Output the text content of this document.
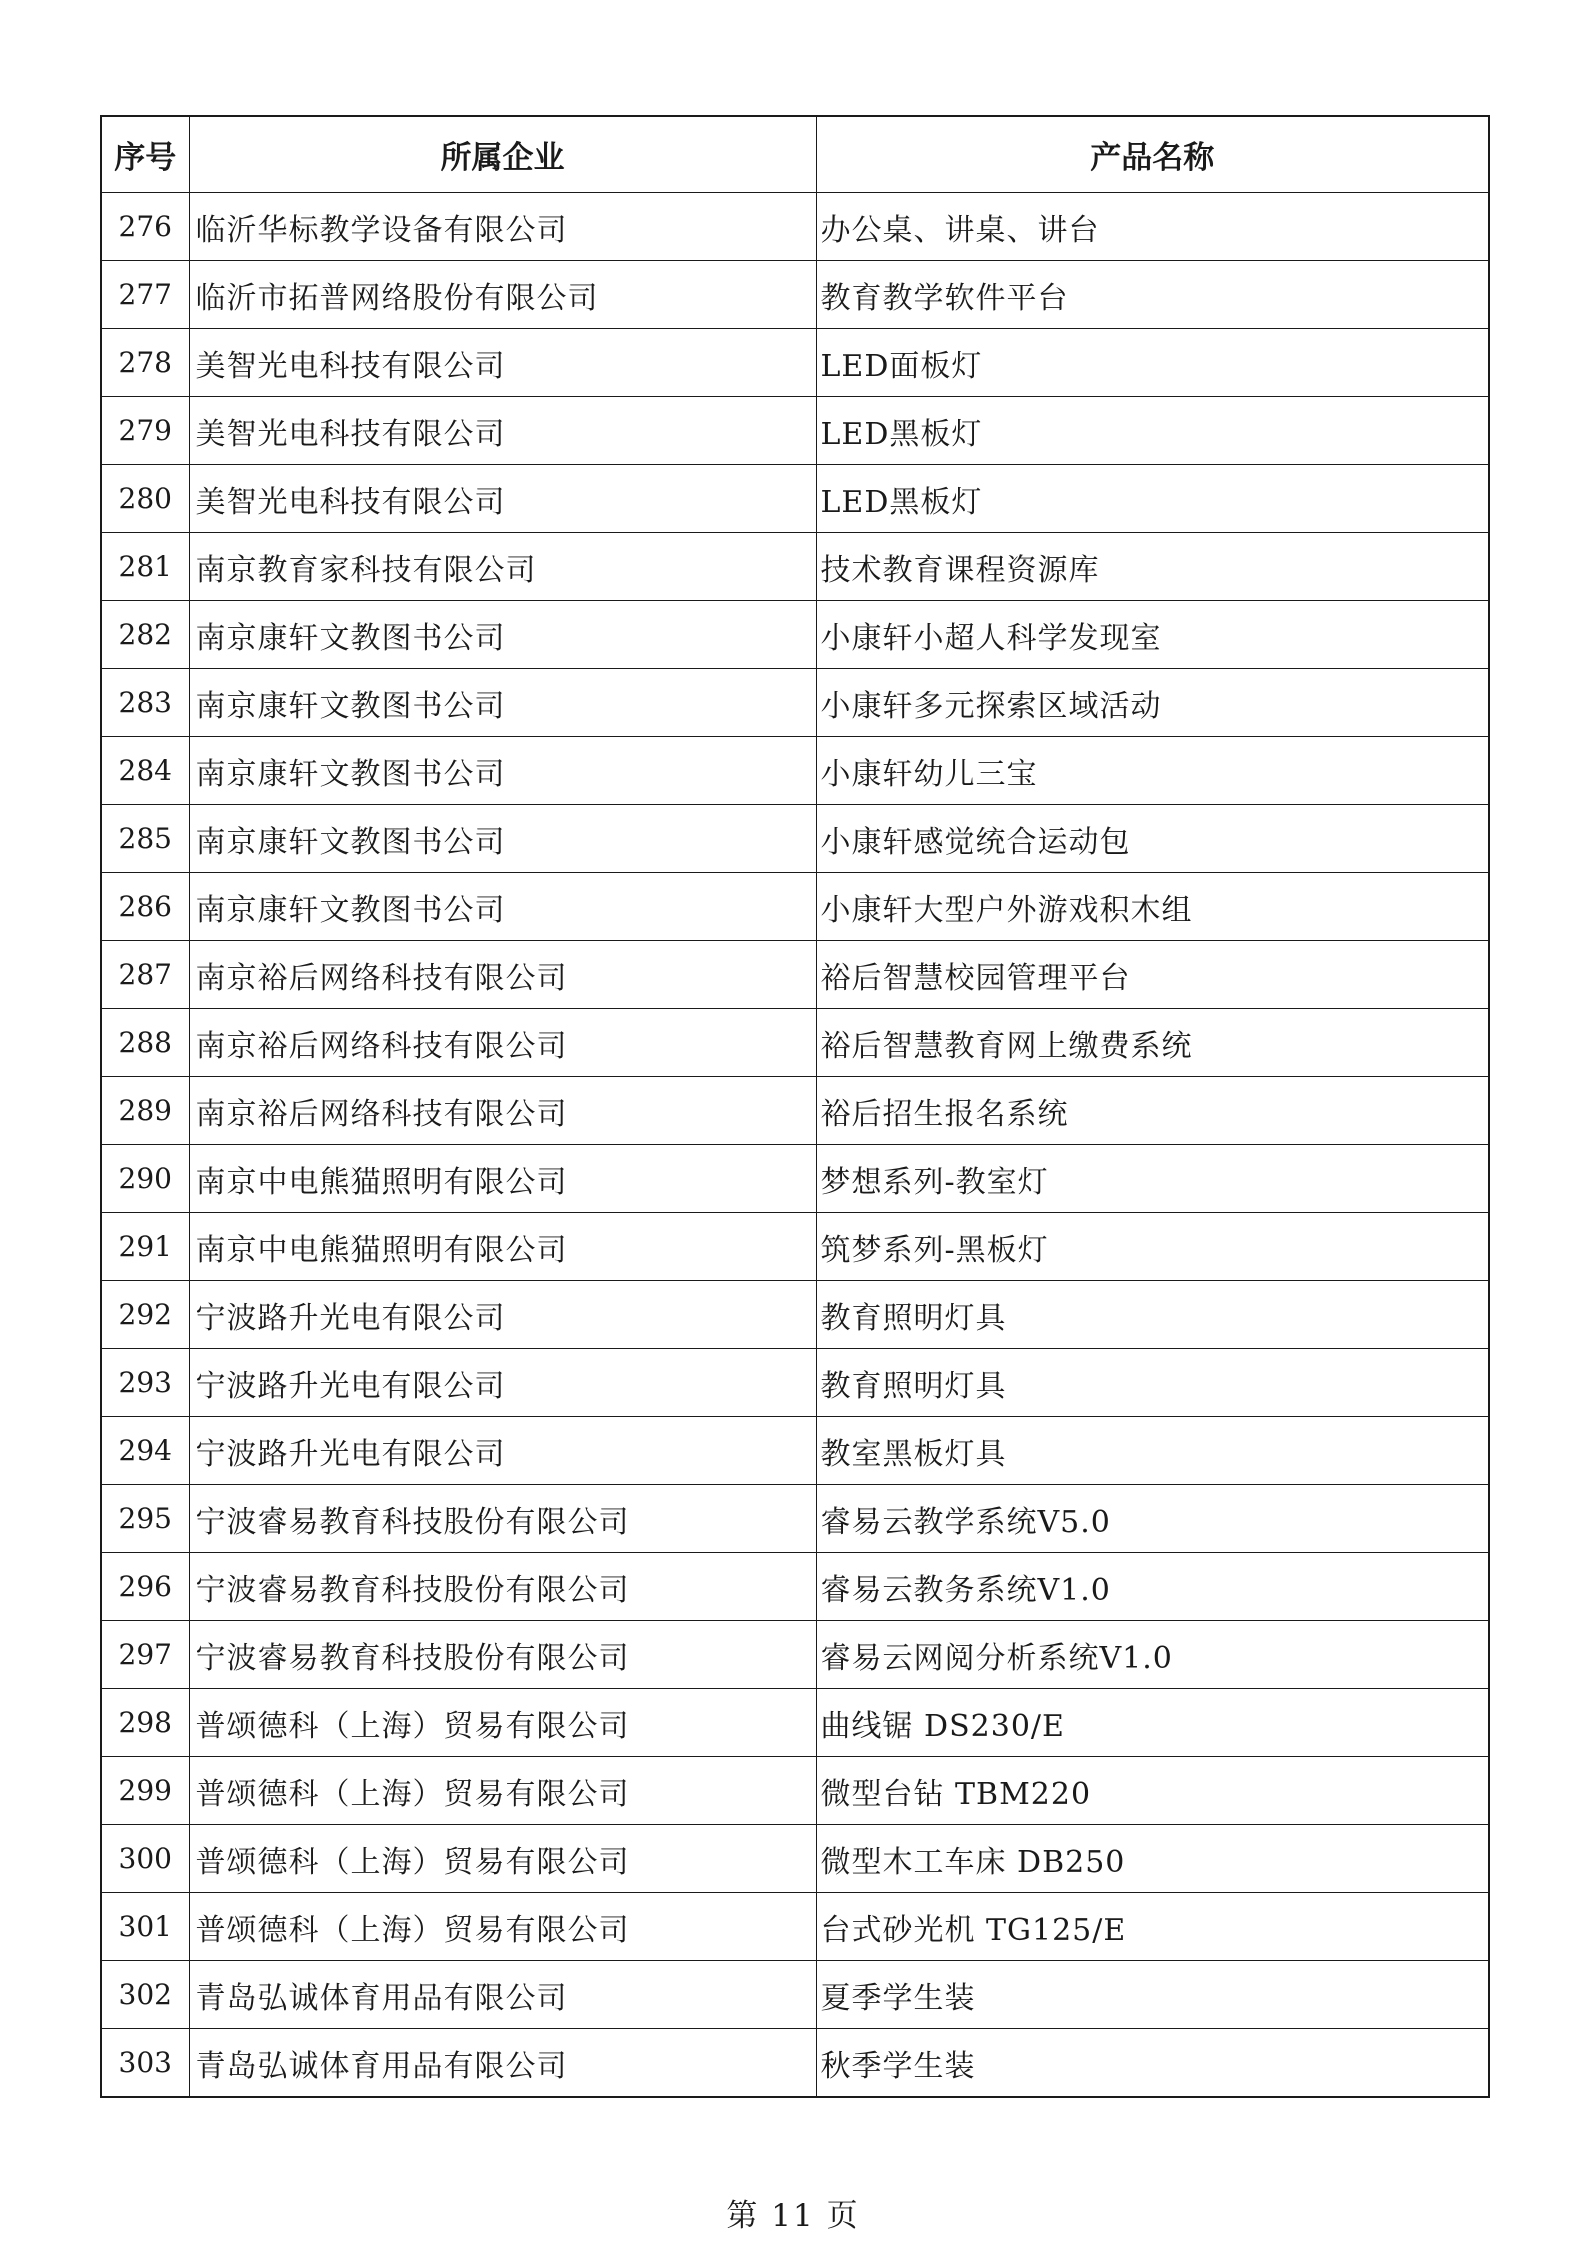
序号	所属企业	产品名称
276	临沂华标教学设备有限公司	办公桌、讲桌、讲台
277	临沂市拓普网络股份有限公司	教育教学软件平台
278	美智光电科技有限公司	LED面板灯
279	美智光电科技有限公司	LED黑板灯
280	美智光电科技有限公司	LED黑板灯
281	南京教育家科技有限公司	技术教育课程资源库
282	南京康轩文教图书公司	小康轩小超人科学发现室
283	南京康轩文教图书公司	小康轩多元探索区域活动
284	南京康轩文教图书公司	小康轩幼儿三宝
285	南京康轩文教图书公司	小康轩感觉统合运动包
286	南京康轩文教图书公司	小康轩大型户外游戏积木组
287	南京裕后网络科技有限公司	裕后智慧校园管理平台
288	南京裕后网络科技有限公司	裕后智慧教育网上缴费系统
289	南京裕后网络科技有限公司	裕后招生报名系统
290	南京中电熊猫照明有限公司	梦想系列-教室灯
291	南京中电熊猫照明有限公司	筑梦系列-黑板灯
292	宁波路升光电有限公司	教育照明灯具
293	宁波路升光电有限公司	教育照明灯具
294	宁波路升光电有限公司	教室黑板灯具
295	宁波睿易教育科技股份有限公司	睿易云教学系统V5.0
296	宁波睿易教育科技股份有限公司	睿易云教务系统V1.0
297	宁波睿易教育科技股份有限公司	睿易云网阅分析系统V1.0
298	普颂德科（上海）贸易有限公司	曲线锯 DS230/E
299	普颂德科（上海）贸易有限公司	微型台钻 TBM220
300	普颂德科（上海）贸易有限公司	微型木工车床 DB250
301	普颂德科（上海）贸易有限公司	台式砂光机 TG125/E
302	青岛弘诚体育用品有限公司	夏季学生装
303	青岛弘诚体育用品有限公司	秋季学生装
第 11 页
